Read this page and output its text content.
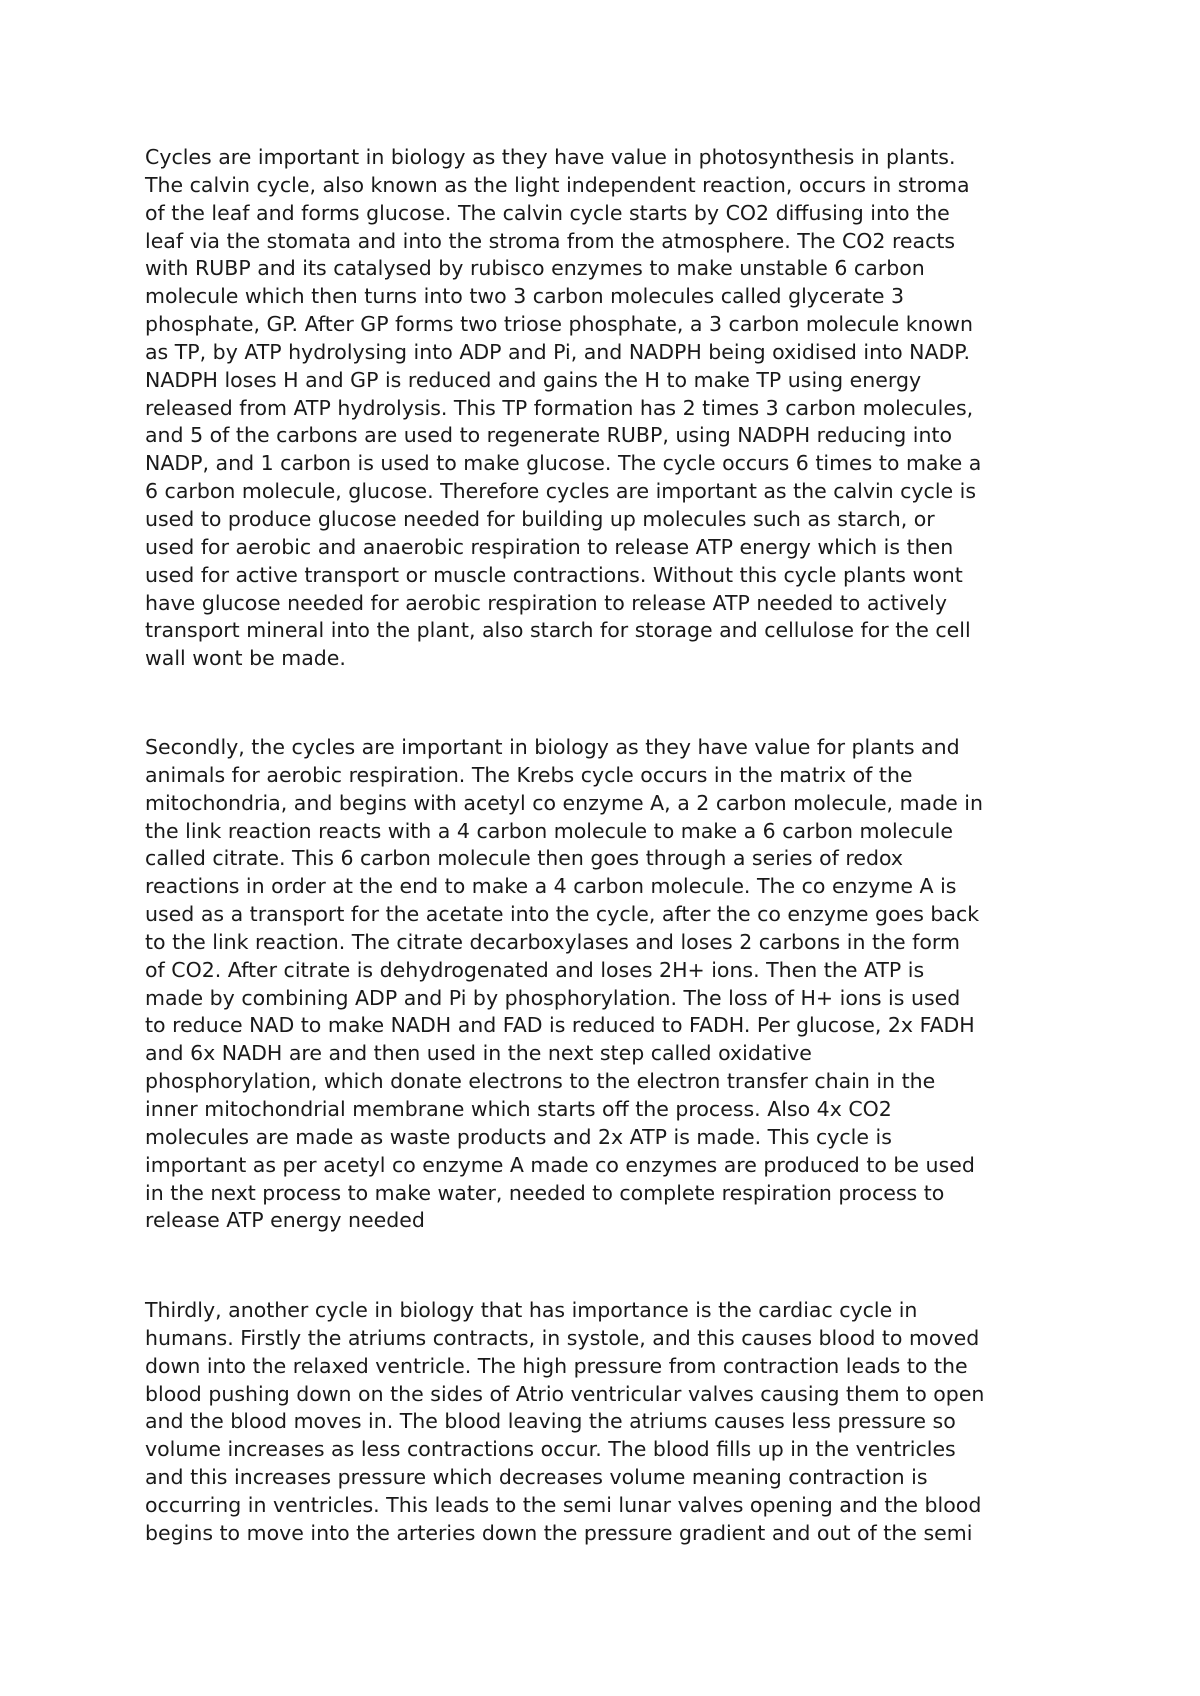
Cycles are important in biology as they have value in photosynthesis in plants.
The calvin cycle, also known as the light independent reaction, occurs in stroma
of the leaf and forms glucose. The calvin cycle starts by CO2 diffusing into the
leaf via the stomata and into the stroma from the atmosphere. The CO2 reacts
with RUBP and its catalysed by rubisco enzymes to make unstable 6 carbon
molecule which then turns into two 3 carbon molecules called glycerate 3
phosphate, GP. After GP forms two triose phosphate, a 3 carbon molecule known
as TP, by ATP hydrolysing into ADP and Pi, and NADPH being oxidised into NADP.
NADPH loses H and GP is reduced and gains the H to make TP using energy
released from ATP hydrolysis. This TP formation has 2 times 3 carbon molecules,
and 5 of the carbons are used to regenerate RUBP, using NADPH reducing into
NADP, and 1 carbon is used to make glucose. The cycle occurs 6 times to make a
6 carbon molecule, glucose. Therefore cycles are important as the calvin cycle is
used to produce glucose needed for building up molecules such as starch, or
used for aerobic and anaerobic respiration to release ATP energy which is then
used for active transport or muscle contractions. Without this cycle plants wont
have glucose needed for aerobic respiration to release ATP needed to actively
transport mineral into the plant, also starch for storage and cellulose for the cell
wall wont be made.

Secondly, the cycles are important in biology as they have value for plants and
animals for aerobic respiration. The Krebs cycle occurs in the matrix of the
mitochondria, and begins with acetyl co enzyme A, a 2 carbon molecule, made in
the link reaction reacts with a 4 carbon molecule to make a 6 carbon molecule
called citrate. This 6 carbon molecule then goes through a series of redox
reactions in order at the end to make a 4 carbon molecule. The co enzyme A is
used as a transport for the acetate into the cycle, after the co enzyme goes back
to the link reaction. The citrate decarboxylases and loses 2 carbons in the form
of CO2. After citrate is dehydrogenated and loses 2H+ ions. Then the ATP is
made by combining ADP and Pi by phosphorylation. The loss of H+ ions is used
to reduce NAD to make NADH and FAD is reduced to FADH. Per glucose, 2x FADH
and 6x NADH are and then used in the next step called oxidative
phosphorylation, which donate electrons to the electron transfer chain in the
inner mitochondrial membrane which starts off the process. Also 4x CO2
molecules are made as waste products and 2x ATP is made. This cycle is
important as per acetyl co enzyme A made co enzymes are produced to be used
in the next process to make water, needed to complete respiration process to
release ATP energy needed

Thirdly, another cycle in biology that has importance is the cardiac cycle in
humans. Firstly the atriums contracts, in systole, and this causes blood to moved
down into the relaxed ventricle. The high pressure from contraction leads to the
blood pushing down on the sides of Atrio ventricular valves causing them to open
and the blood moves in. The blood leaving the atriums causes less pressure so
volume increases as less contractions occur. The blood fills up in the ventricles
and this increases pressure which decreases volume meaning contraction is
occurring in ventricles. This leads to the semi lunar valves opening and the blood
begins to move into the arteries down the pressure gradient and out of the semi
